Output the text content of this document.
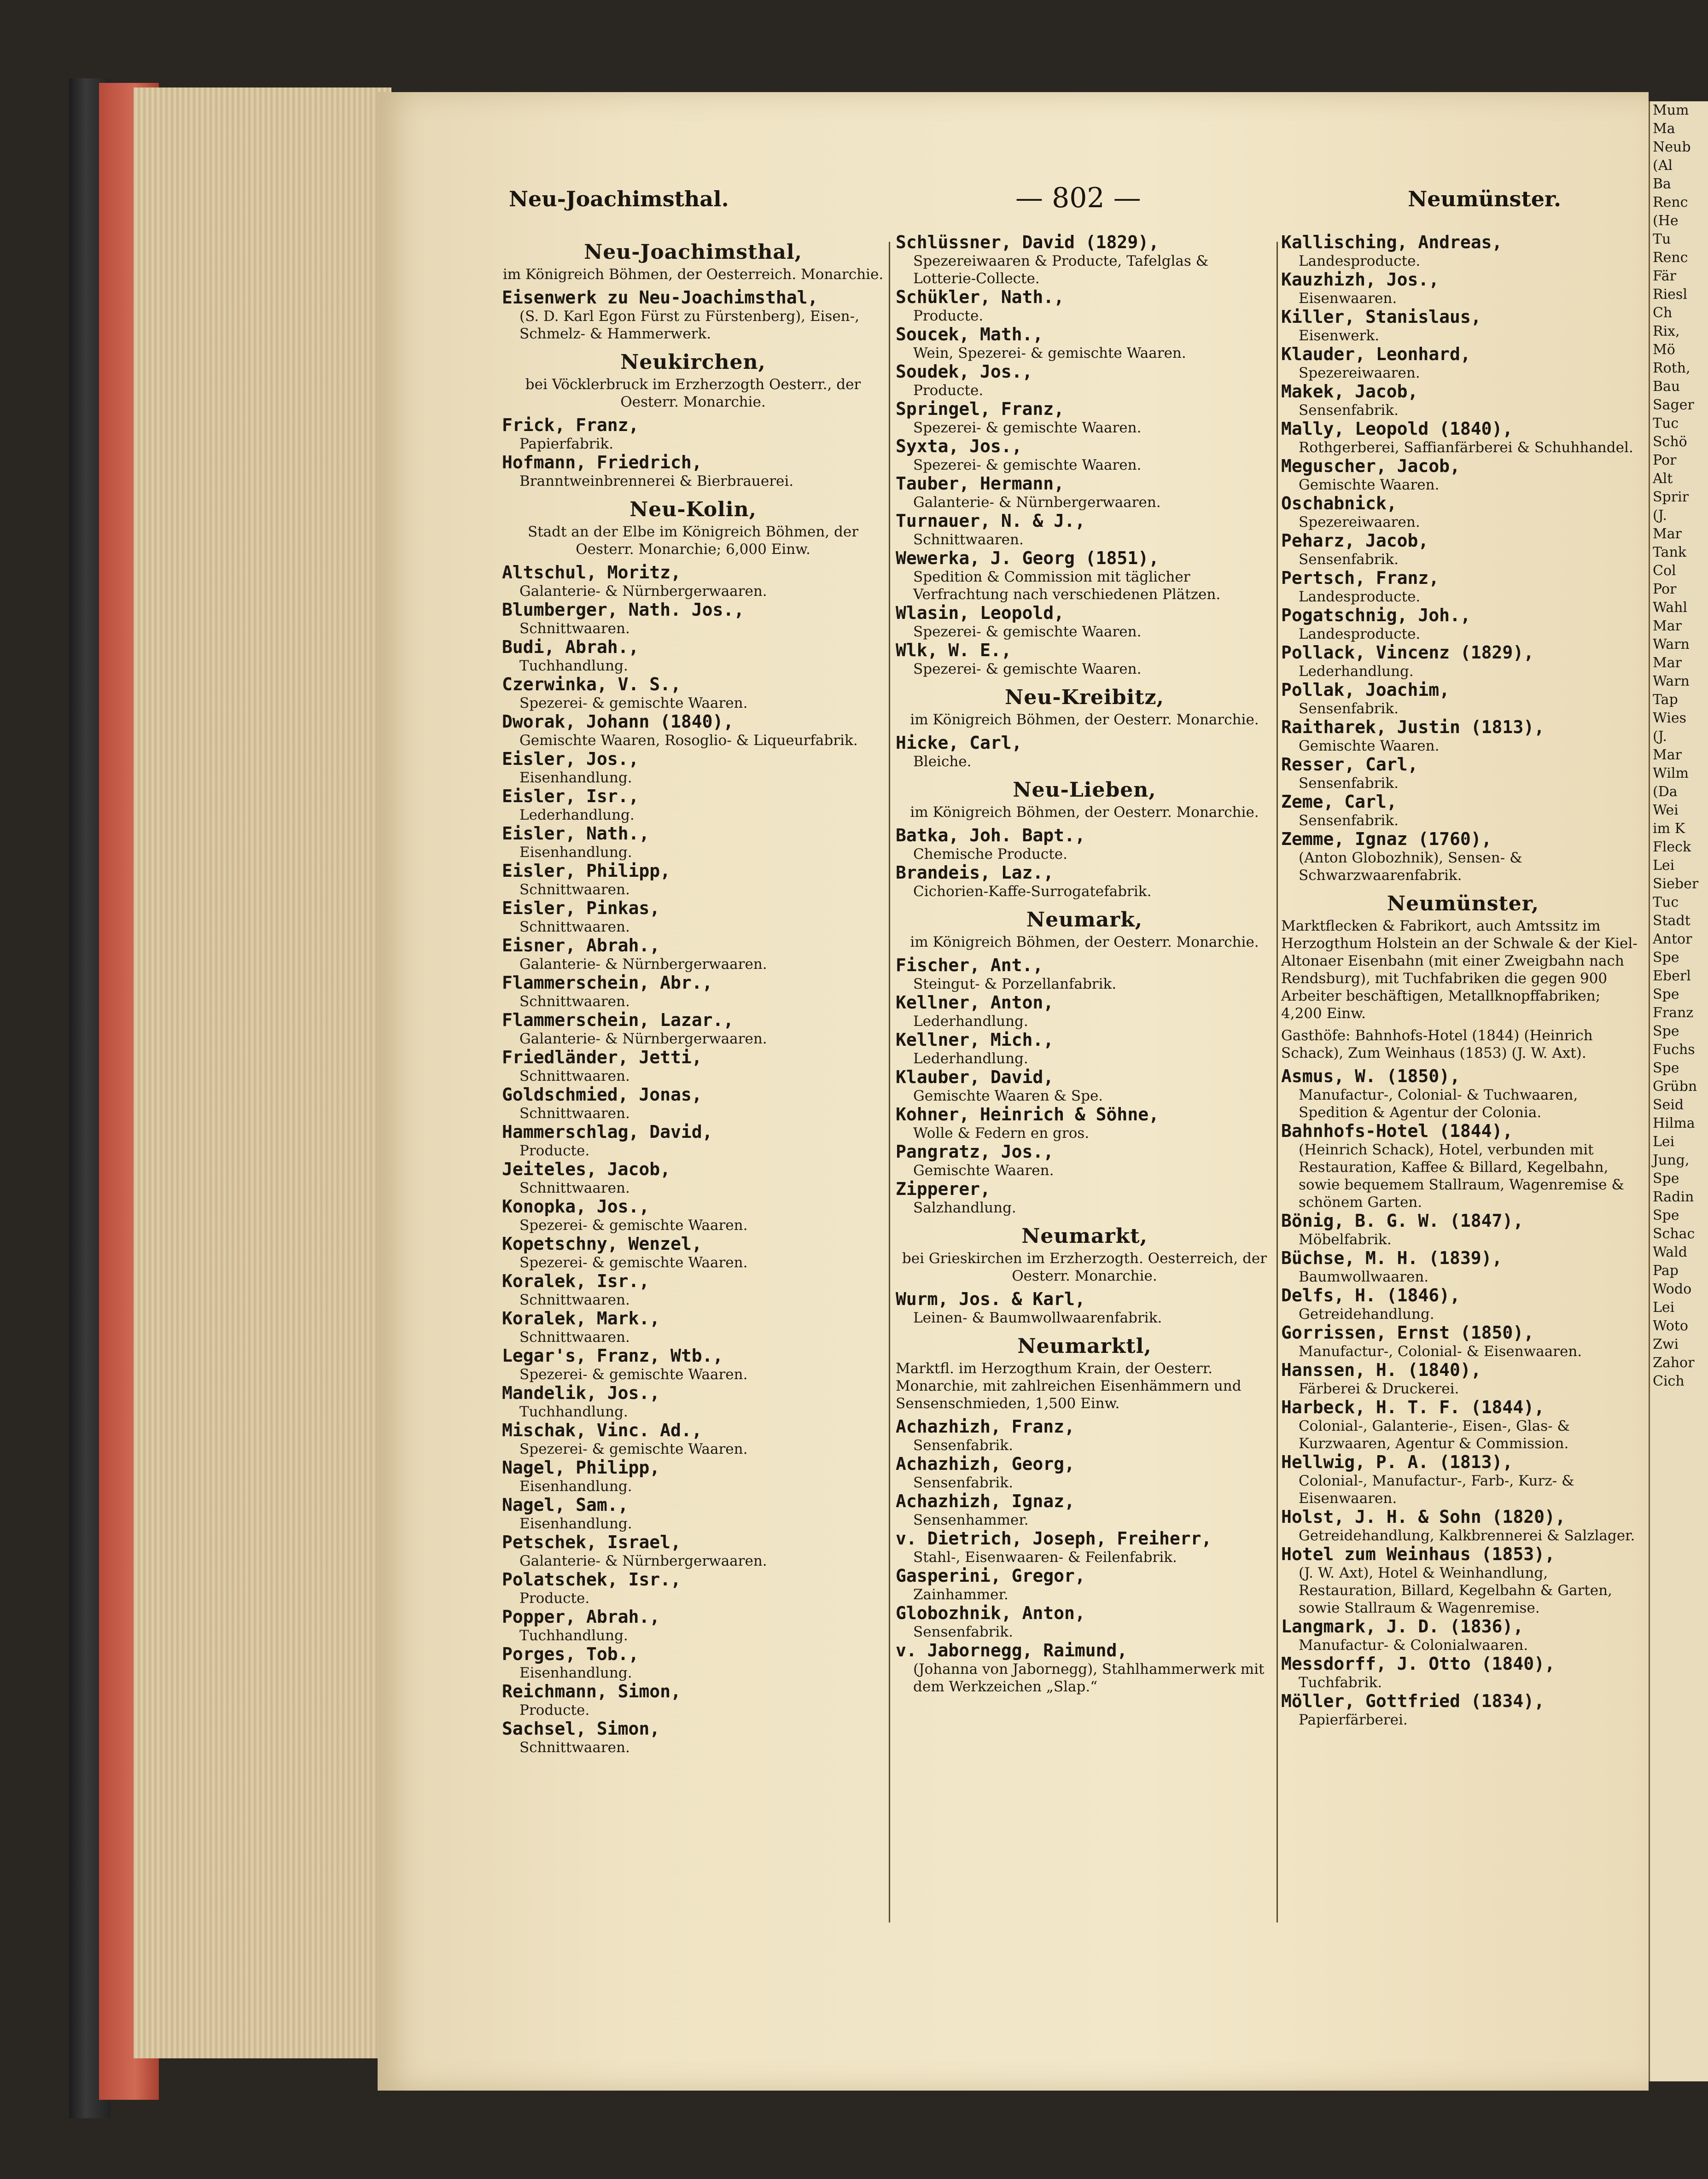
Mum
Ma
Neub
(Al
Ba
Renc
(He
Tu
Renc
Fär
Riesl
Ch
Rix,
Mö
Roth,
Bau
Sager
Tuc
Schö
Por
Alt
Sprir
(J.
Mar
Tank
Col
Por
Wahl
Mar
Warn
Mar
Warn
Tap
Wies
(J.
Mar
Wilm
(Da
Wei
im K
Fleck
Lei
Sieber
Tuc
Stadt
Antor
Spe
Eberl
Spe
Franz
Spe
Fuchs
Spe
Grübn
Seid
Hilma
Lei
Jung,
Spe
Radin
Spe
Schac
Wald
Pap
Wodo
Lei
Woto
Zwi
Zahor
Cich
Neu-Joachimsthal.	— 802 —	Neumünster.
Neu-Joachimsthal,
im Königreich Böhmen, der Oesterreich. Monarchie.
Eisenwerk zu Neu-Joachimsthal,
(S. D. Karl Egon Fürst zu Fürstenberg), Eisen-, Schmelz- & Hammerwerk.
Neukirchen,
bei Vöcklerbruck im Erzherzogth Oesterr., der Oesterr. Monarchie.
Frick, Franz,
Papierfabrik.
Hofmann, Friedrich,
Branntweinbrennerei & Bierbrauerei.
Neu-Kolin,
Stadt an der Elbe im Königreich Böhmen, der Oesterr. Monarchie; 6,000 Einw.
Altschul, Moritz,
Galanterie- & Nürnbergerwaaren.
Blumberger, Nath. Jos.,
Schnittwaaren.
Budi, Abrah.,
Tuchhandlung.
Czerwinka, V. S.,
Spezerei- & gemischte Waaren.
Dworak, Johann (1840),
Gemischte Waaren, Rosoglio- & Liqueurfabrik.
Eisler, Jos.,
Eisenhandlung.
Eisler, Isr.,
Lederhandlung.
Eisler, Nath.,
Eisenhandlung.
Eisler, Philipp,
Schnittwaaren.
Eisler, Pinkas,
Schnittwaaren.
Eisner, Abrah.,
Galanterie- & Nürnbergerwaaren.
Flammerschein, Abr.,
Schnittwaaren.
Flammerschein, Lazar.,
Galanterie- & Nürnbergerwaaren.
Friedländer, Jetti,
Schnittwaaren.
Goldschmied, Jonas,
Schnittwaaren.
Hammerschlag, David,
Producte.
Jeiteles, Jacob,
Schnittwaaren.
Konopka, Jos.,
Spezerei- & gemischte Waaren.
Kopetschny, Wenzel,
Spezerei- & gemischte Waaren.
Koralek, Isr.,
Schnittwaaren.
Koralek, Mark.,
Schnittwaaren.
Legar's, Franz, Wtb.,
Spezerei- & gemischte Waaren.
Mandelik, Jos.,
Tuchhandlung.
Mischak, Vinc. Ad.,
Spezerei- & gemischte Waaren.
Nagel, Philipp,
Eisenhandlung.
Nagel, Sam.,
Eisenhandlung.
Petschek, Israel,
Galanterie- & Nürnbergerwaaren.
Polatschek, Isr.,
Producte.
Popper, Abrah.,
Tuchhandlung.
Porges, Tob.,
Eisenhandlung.
Reichmann, Simon,
Producte.
Sachsel, Simon,
Schnittwaaren.
Schlüssner, David (1829),
Spezereiwaaren & Producte, Tafelglas & Lotterie-Collecte.
Schükler, Nath.,
Producte.
Soucek, Math.,
Wein, Spezerei- & gemischte Waaren.
Soudek, Jos.,
Producte.
Springel, Franz,
Spezerei- & gemischte Waaren.
Syxta, Jos.,
Spezerei- & gemischte Waaren.
Tauber, Hermann,
Galanterie- & Nürnbergerwaaren.
Turnauer, N. & J.,
Schnittwaaren.
Wewerka, J. Georg (1851),
Spedition & Commission mit täglicher Verfrachtung nach verschiedenen Plätzen.
Wlasin, Leopold,
Spezerei- & gemischte Waaren.
Wlk, W. E.,
Spezerei- & gemischte Waaren.
Neu-Kreibitz,
im Königreich Böhmen, der Oesterr. Monarchie.
Hicke, Carl,
Bleiche.
Neu-Lieben,
im Königreich Böhmen, der Oesterr. Monarchie.
Batka, Joh. Bapt.,
Chemische Producte.
Brandeis, Laz.,
Cichorien-Kaffe-Surrogatefabrik.
Neumark,
im Königreich Böhmen, der Oesterr. Monarchie.
Fischer, Ant.,
Steingut- & Porzellanfabrik.
Kellner, Anton,
Lederhandlung.
Kellner, Mich.,
Lederhandlung.
Klauber, David,
Gemischte Waaren & Spe.
Kohner, Heinrich & Söhne,
Wolle & Federn en gros.
Pangratz, Jos.,
Gemischte Waaren.
Zipperer,
Salzhandlung.
Neumarkt,
bei Grieskirchen im Erzherzogth. Oesterreich, der Oesterr. Monarchie.
Wurm, Jos. & Karl,
Leinen- & Baumwollwaarenfabrik.
Neumarktl,
Marktfl. im Herzogthum Krain, der Oesterr. Monarchie, mit zahlreichen Eisenhämmern und Sensenschmieden, 1,500 Einw.
Achazhizh, Franz,
Sensenfabrik.
Achazhizh, Georg,
Sensenfabrik.
Achazhizh, Ignaz,
Sensenhammer.
v. Dietrich, Joseph, Freiherr,
Stahl-, Eisenwaaren- & Feilenfabrik.
Gasperini, Gregor,
Zainhammer.
Globozhnik, Anton,
Sensenfabrik.
v. Jabornegg, Raimund,
(Johanna von Jabornegg), Stahlhammerwerk mit dem Werkzeichen „Slap.“
Kallisching, Andreas,
Landesproducte.
Kauzhizh, Jos.,
Eisenwaaren.
Killer, Stanislaus,
Eisenwerk.
Klauder, Leonhard,
Spezereiwaaren.
Makek, Jacob,
Sensenfabrik.
Mally, Leopold (1840),
Rothgerberei, Saffianfärberei & Schuhhandel.
Meguscher, Jacob,
Gemischte Waaren.
Oschabnick,
Spezereiwaaren.
Peharz, Jacob,
Sensenfabrik.
Pertsch, Franz,
Landesproducte.
Pogatschnig, Joh.,
Landesproducte.
Pollack, Vincenz (1829),
Lederhandlung.
Pollak, Joachim,
Sensenfabrik.
Raitharek, Justin (1813),
Gemischte Waaren.
Resser, Carl,
Sensenfabrik.
Zeme, Carl,
Sensenfabrik.
Zemme, Ignaz (1760),
(Anton Globozhnik), Sensen- & Schwarzwaarenfabrik.
Neumünster,
Marktflecken & Fabrikort, auch Amtssitz im Herzogthum Holstein an der Schwale & der Kiel-Altonaer Eisenbahn (mit einer Zweigbahn nach Rendsburg), mit Tuchfabriken die gegen 900 Arbeiter beschäftigen, Metallknopffabriken; 4,200 Einw.
Gasthöfe: Bahnhofs-Hotel (1844) (Heinrich Schack), Zum Weinhaus (1853) (J. W. Axt).
Asmus, W. (1850),
Manufactur-, Colonial- & Tuchwaaren, Spedition & Agentur der Colonia.
Bahnhofs-Hotel (1844),
(Heinrich Schack), Hotel, verbunden mit Restauration, Kaffee & Billard, Kegelbahn, sowie bequemem Stallraum, Wagenremise & schönem Garten.
Bönig, B. G. W. (1847),
Möbelfabrik.
Büchse, M. H. (1839),
Baumwollwaaren.
Delfs, H. (1846),
Getreidehandlung.
Gorrissen, Ernst (1850),
Manufactur-, Colonial- & Eisenwaaren.
Hanssen, H. (1840),
Färberei & Druckerei.
Harbeck, H. T. F. (1844),
Colonial-, Galanterie-, Eisen-, Glas- & Kurzwaaren, Agentur & Commission.
Hellwig, P. A. (1813),
Colonial-, Manufactur-, Farb-, Kurz- & Eisenwaaren.
Holst, J. H. & Sohn (1820),
Getreidehandlung, Kalkbrennerei & Salzlager.
Hotel zum Weinhaus (1853),
(J. W. Axt), Hotel & Weinhandlung, Restauration, Billard, Kegelbahn & Garten, sowie Stallraum & Wagenremise.
Langmark, J. D. (1836),
Manufactur- & Colonialwaaren.
Messdorff, J. Otto (1840),
Tuchfabrik.
Möller, Gottfried (1834),
Papierfärberei.
